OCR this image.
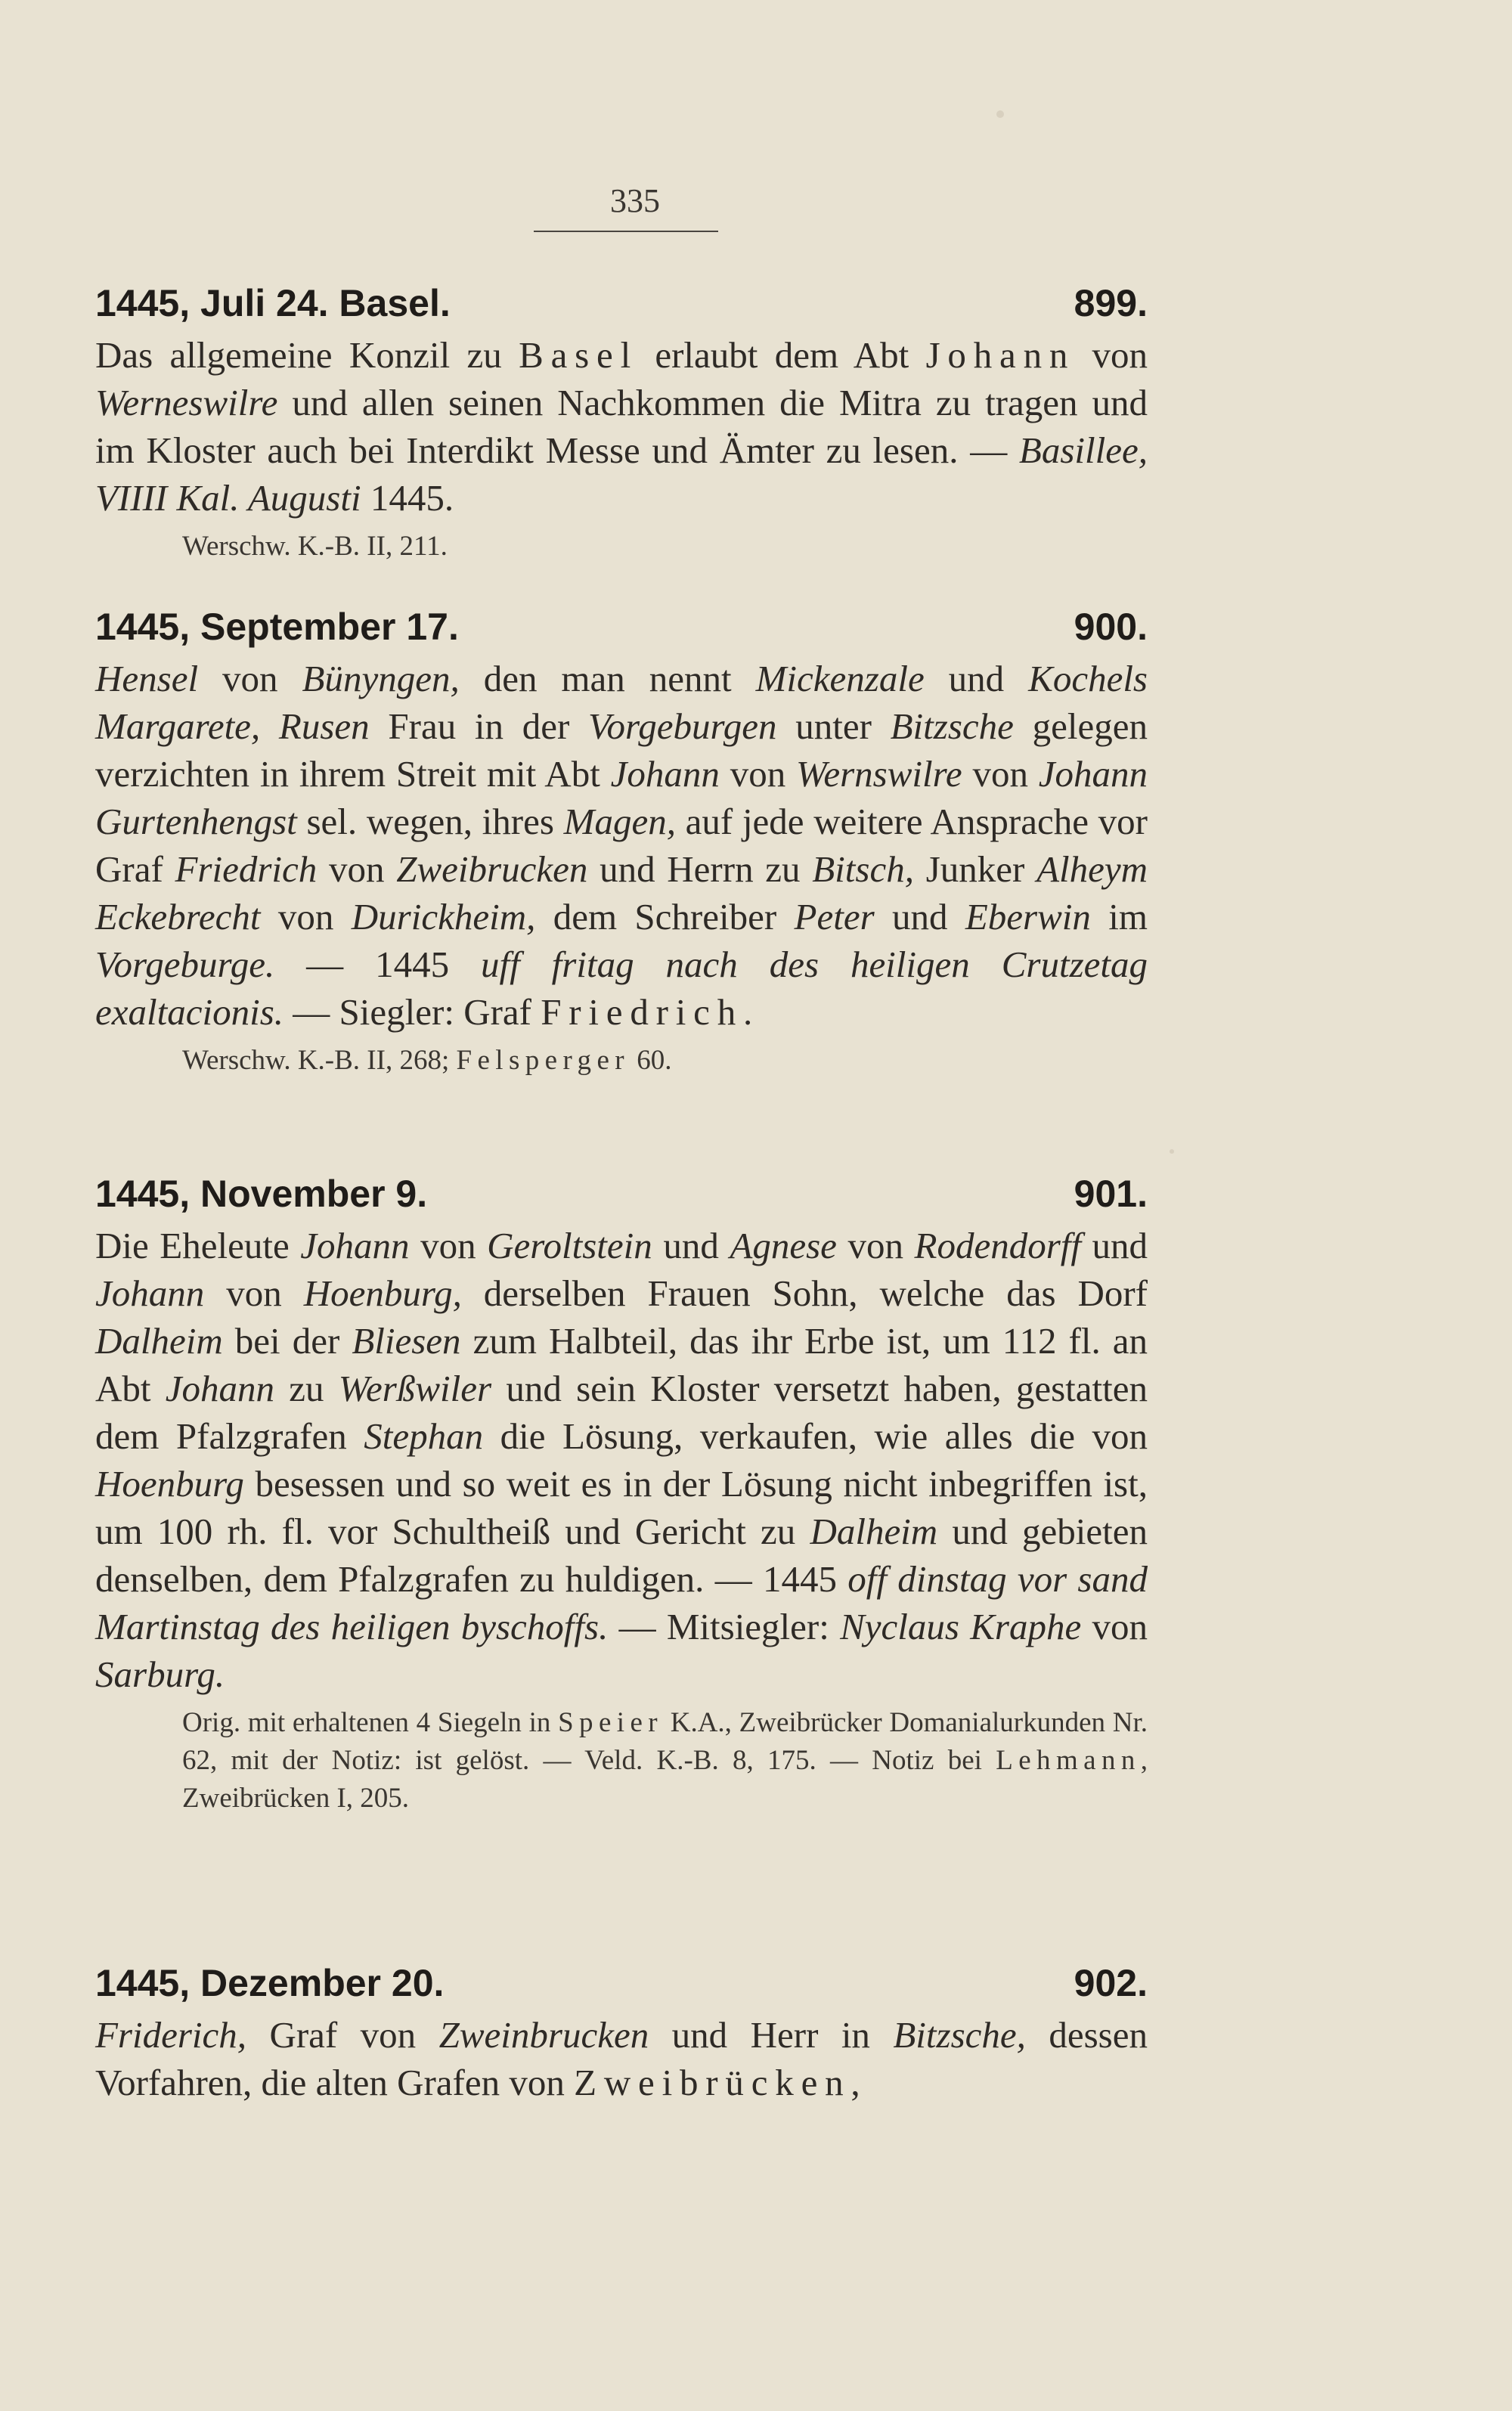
335
1445, Juli 24. Basel.	899.
Das allgemeine Konzil zu Basel erlaubt dem Abt Johann von Werneswilre und allen seinen Nachkommen die Mitra zu tragen und im Kloster auch bei Interdikt Messe und Ämter zu lesen. — Basillee, VIIII Kal. Augusti 1445.
Werschw. K.-B. II, 211.
1445, September 17.	900.
Hensel von Bünyngen, den man nennt Mickenzale und Kochels Margarete, Rusen Frau in der Vorgeburgen unter Bitzsche gelegen verzichten in ihrem Streit mit Abt Johann von Wernswilre von Johann Gurtenhengst sel. wegen, ihres Magen, auf jede weitere Ansprache vor Graf Friedrich von Zweibrucken und Herrn zu Bitsch, Junker Alheym Eckebrecht von Durickheim, dem Schreiber Peter und Eberwin im Vorgeburge. — 1445 uff fritag nach des heiligen Crutzetag exaltacionis. — Siegler: Graf Friedrich.
Werschw. K.-B. II, 268; Felsperger 60.
1445, November 9.	901.
Die Eheleute Johann von Geroltstein und Agnese von Rodendorff und Johann von Hoenburg, derselben Frauen Sohn, welche das Dorf Dalheim bei der Bliesen zum Halbteil, das ihr Erbe ist, um 112 fl. an Abt Johann zu Werßwiler und sein Kloster versetzt haben, gestatten dem Pfalzgrafen Stephan die Lösung, verkaufen, wie alles die von Hoenburg besessen und so weit es in der Lösung nicht inbegriffen ist, um 100 rh. fl. vor Schultheiß und Gericht zu Dalheim und gebieten denselben, dem Pfalzgrafen zu huldigen. — 1445 off dinstag vor sand Martinstag des heiligen byschoffs. — Mitsiegler: Nyclaus Kraphe von Sarburg.
Orig. mit erhaltenen 4 Siegeln in Speier K.A., Zweibrücker Domanialurkunden Nr. 62, mit der Notiz: ist gelöst. — Veld. K.-B. 8, 175. — Notiz bei Lehmann, Zweibrücken I, 205.
1445, Dezember 20.	902.
Friderich, Graf von Zweinbrucken und Herr in Bitzsche, dessen Vorfahren, die alten Grafen von Zweibrücken,
